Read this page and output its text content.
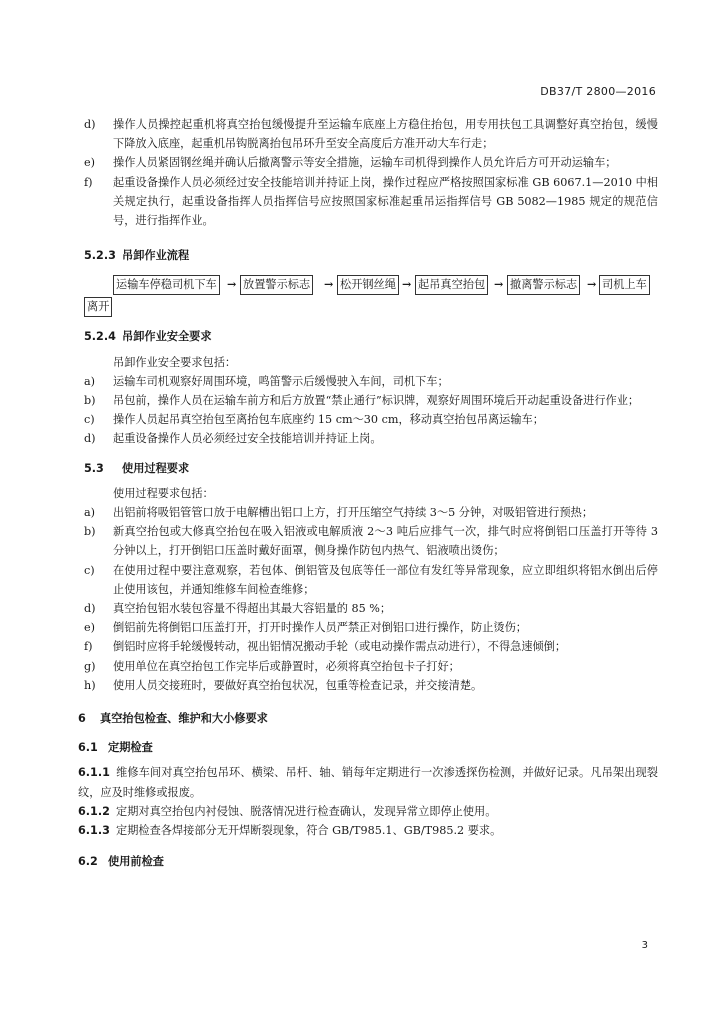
DB37/T 2800—2016
d)	操作人员操控起重机将真空抬包缓慢提升至运输车底座上方稳住抬包，用专用扶包工具调整好真空抬包，缓慢下降放入底座，起重机吊钩脱离抬包吊环升至安全高度后方准开动大车行走；
e)	操作人员紧固钢丝绳并确认后撤离警示等安全措施，运输车司机得到操作人员允许后方可开动运输车；
f)	起重设备操作人员必须经过安全技能培训并持证上岗，操作过程应严格按照国家标准 GB 6067.1—2010 中相关规定执行，起重设备指挥人员指挥信号应按照国家标准起重吊运指挥信号 GB 5082—1985 规定的规范信号，进行指挥作业。
5.2.3 吊卸作业流程
运输车停稳司机下车 → 放置警示标志 → 松开钢丝绳 → 起吊真空抬包 → 撤离警示标志 → 司机上车
离开
5.2.4 吊卸作业安全要求
吊卸作业安全要求包括：
a)	运输车司机观察好周围环境，鸣笛警示后缓慢驶入车间，司机下车；
b)	吊包前，操作人员在运输车前方和后方放置“禁止通行”标识牌，观察好周围环境后开动起重设备进行作业；
c)	操作人员起吊真空抬包至离抬包车底座约 15 cm～30 cm，移动真空抬包吊离运输车；
d)	起重设备操作人员必须经过安全技能培训并持证上岗。
5.3 使用过程要求
使用过程要求包括：
a)	出铝前将吸铝管管口放于电解槽出铝口上方，打开压缩空气持续 3～5 分钟，对吸铝管进行预热；
b)	新真空抬包或大修真空抬包在吸入铝液或电解质液 2～3 吨后应排气一次，排气时应将倒铝口压盖打开等待 3 分钟以上，打开倒铝口压盖时戴好面罩，侧身操作防包内热气、铝液喷出烫伤；
c)	在使用过程中要注意观察，若包体、倒铝管及包底等任一部位有发红等异常现象，应立即组织将铝水倒出后停止使用该包，并通知维修车间检查维修；
d)	真空抬包铝水装包容量不得超出其最大容铝量的 85 %；
e)	倒铝前先将倒铝口压盖打开，打开时操作人员严禁正对倒铝口进行操作，防止烫伤；
f)	倒铝时应将手轮缓慢转动，视出铝情况搬动手轮（或电动操作需点动进行），不得急速倾倒；
g)	使用单位在真空抬包工作完毕后或静置时，必须将真空抬包卡子打好；
h)	使用人员交接班时，要做好真空抬包状况，包重等检查记录，并交接清楚。
6 真空抬包检查、维护和大小修要求
6.1 定期检查
6.1.1 维修车间对真空抬包吊环、横梁、吊杆、轴、销每年定期进行一次渗透探伤检测，并做好记录。凡吊架出现裂纹，应及时维修或报废。
6.1.2 定期对真空抬包内衬侵蚀、脱落情况进行检查确认，发现异常立即停止使用。
6.1.3 定期检查各焊接部分无开焊断裂现象，符合 GB/T985.1、GB/T985.2 要求。
6.2 使用前检查
3
